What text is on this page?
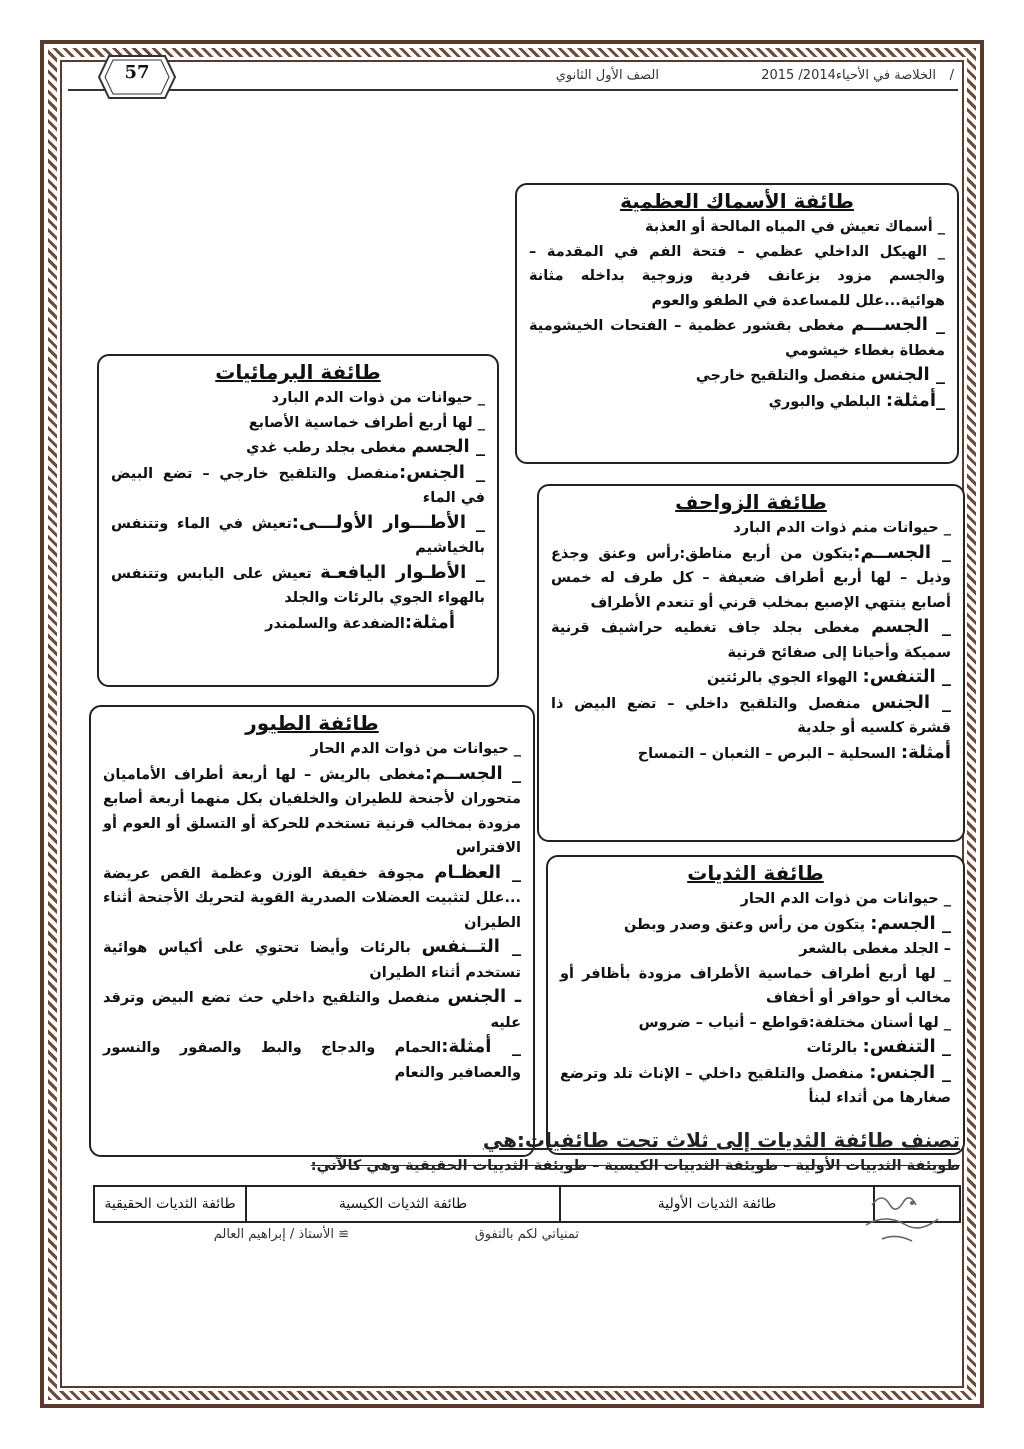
/
الخلاصة في الأحياء2014/ 2015
الصف الأول الثانوي
57
طائفة الأسماك العظمية

_ أسماك تعيش في المياه المالحة أو العذبة

_ الهيكل الداخلي عظمي – فتحة الفم في المقدمة – والجسم مزود بزعانف فردية وزوجية بداخله مثانة هوائية...علل للمساعدة في الطفو والعوم

_ الجســـم مغطى بقشور عظمية – الفتحات الخيشومية مغطاة بغطاء خيشومي

_ الجنس منفصل والتلقيح خارجي

_أمثلة: البلطي والبوري

طائفة البرمائيات

_ حيوانات من ذوات الدم البارد

_ لها أربع أطراف خماسية الأصابع

_ الجسم مغطى بجلد رطب غدي

_ الجنس:منفصل والتلقيح خارجي – تضع البيض في الماء

_ الأطـــوار الأولـــى:تعيش في الماء وتتنفس بالخياشيم

_ الأطـوار اليافعـة تعيش على اليابس وتتنفس بالهواء الجوي بالرئات والجلد

أمثلة:الضفدعة والسلمندر

طائفة الزواحف

_ حيوانات منم ذوات الدم البارد

_ الجســم:يتكون من أربع مناطق:رأس وعنق وجذع وذيل – لها أربع أطراف ضعيفة – كل طرف له خمس أصابع ينتهي الإصبع بمخلب قرني أو تنعدم الأطراف

_ الجسم مغطى بجلد جاف تغطيه حراشيف قرنية سميكة وأحيانا إلى صفائح قرنية

_ التنفس: الهواء الجوي بالرئتين

_ الجنس منفصل والتلقيح داخلي – تضع البيض ذا قشرة كلسيه أو جلدية

أمثلة: السحلية – البرص – الثعبان – التمساح

طائفة الطيور

_ حيوانات من ذوات الدم الحار

_ الجســم:مغطى بالريش – لها أربعة أطراف الأماميان متحوران لأجنحة للطيران والخلفيان بكل منهما أربعة أصابع مزودة بمخالب قرنية تستخدم للحركة أو التسلق أو العوم أو الافتراس

_ العظـام مجوفة خفيفة الوزن وعظمة القص عريضة ...علل لتثبيت العضلات الصدرية القوية لتحريك الأجنحة أثناء الطيران

_ التــنفس بالرئات وأيضا تحتوي على أكياس هوائية تستخدم أثناء الطيران

ـ الجنس منفصل والتلقيح داخلي حث تضع البيض وترقد عليه

_ أمثلة:الحمام والدجاج والبط والصقور والنسور والعصافير والنعام

طائفة الثديات

_ حيوانات من ذوات الدم الحار

_ الجسم: يتكون من رأس وعنق وصدر وبطن

– الجلد مغطى بالشعر

_ لها أربع أطراف خماسية الأطراف مزودة بأظافر أو مخالب أو حوافر أو أخفاف

_ لها أسنان مختلفة:قواطع – أنياب – ضروس

_ التنفس: بالرئات

_ الجنس: منفصل والتلقيح داخلي – الإناث تلد وترضع صغارها من أثداء لبنأ

تصنف طائفة الثديات إلى ثلاث تحت طائفيات:هي
طويئفة الثدييات الأولية – طويئفة الثدييات الكيسية – طويئفة الثدييات الحقيقية وهي كالآتي:
	طائفة الثديات الأولية	طائفة الثديات الكيسية	طائفة الثديات الحقيقية
تمنياتي لكم بالتفوق
≅ الأستاذ / إبراهيم العالم
